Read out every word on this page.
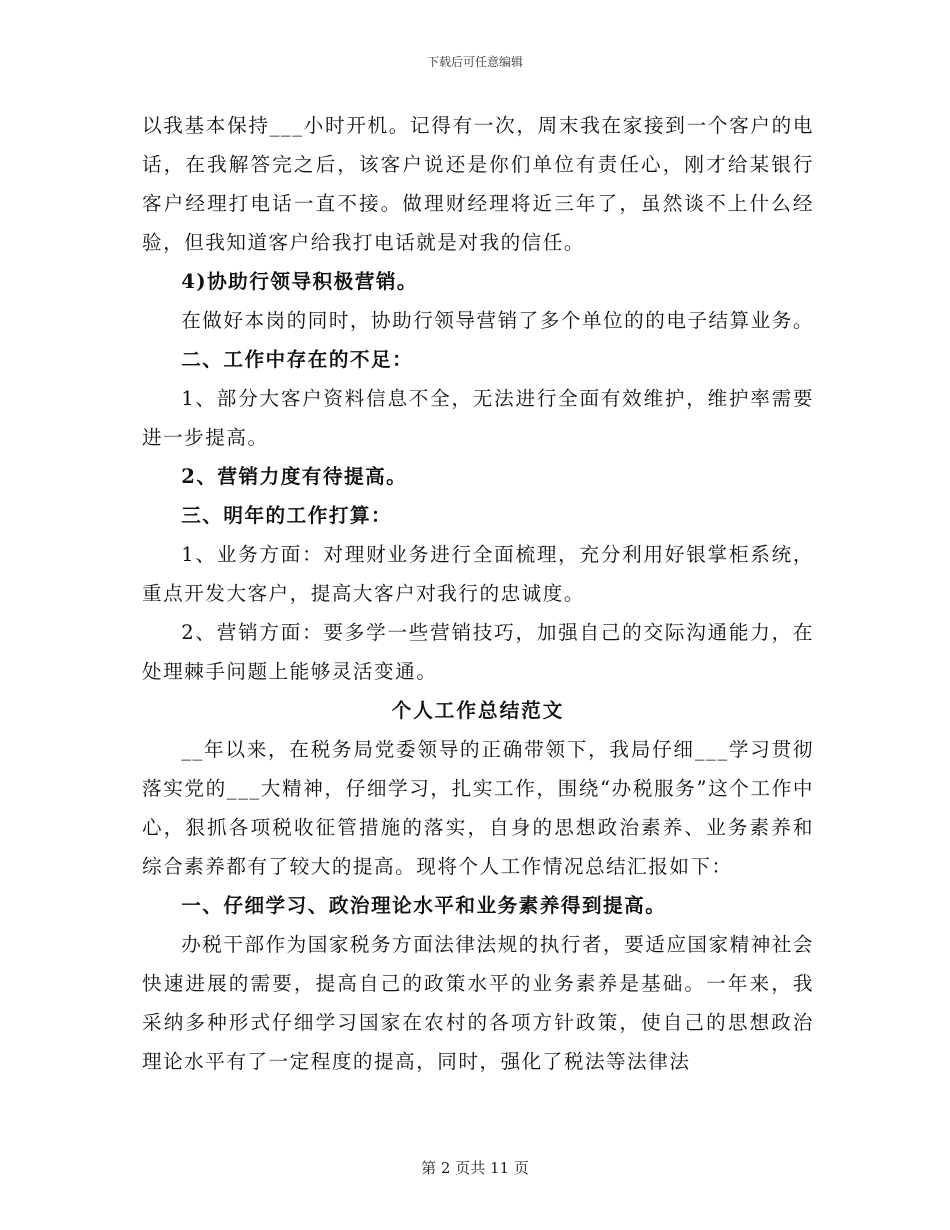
下载后可任意编辑

以我基本保持___小时开机。记得有一次，周末我在家接到一个客户的电话，在我解答完之后，该客户说还是你们单位有责任心，刚才给某银行客户经理打电话一直不接。做理财经理将近三年了，虽然谈不上什么经验，但我知道客户给我打电话就是对我的信任。

4)协助行领导积极营销。

在做好本岗的同时，协助行领导营销了多个单位的的电子结算业务。

二、工作中存在的不足：

1、部分大客户资料信息不全，无法进行全面有效维护，维护率需要进一步提高。

2、营销力度有待提高。

三、明年的工作打算：

1、业务方面：对理财业务进行全面梳理，充分利用好银掌柜系统，重点开发大客户，提高大客户对我行的忠诚度。

2、营销方面：要多学一些营销技巧，加强自己的交际沟通能力，在处理棘手问题上能够灵活变通。

个人工作总结范文

__年以来，在税务局党委领导的正确带领下，我局仔细___学习贯彻落实党的___大精神，仔细学习，扎实工作，围绕“办税服务”这个工作中心，狠抓各项税收征管措施的落实，自身的思想政治素养、业务素养和综合素养都有了较大的提高。现将个人工作情况总结汇报如下：

一、仔细学习、政治理论水平和业务素养得到提高。

办税干部作为国家税务方面法律法规的执行者，要适应国家精神社会快速进展的需要，提高自己的政策水平的业务素养是基础。一年来，我采纳多种形式仔细学习国家在农村的各项方针政策，使自己的思想政治理论水平有了一定程度的提高，同时，强化了税法等法律法

第 2 页共 11 页
